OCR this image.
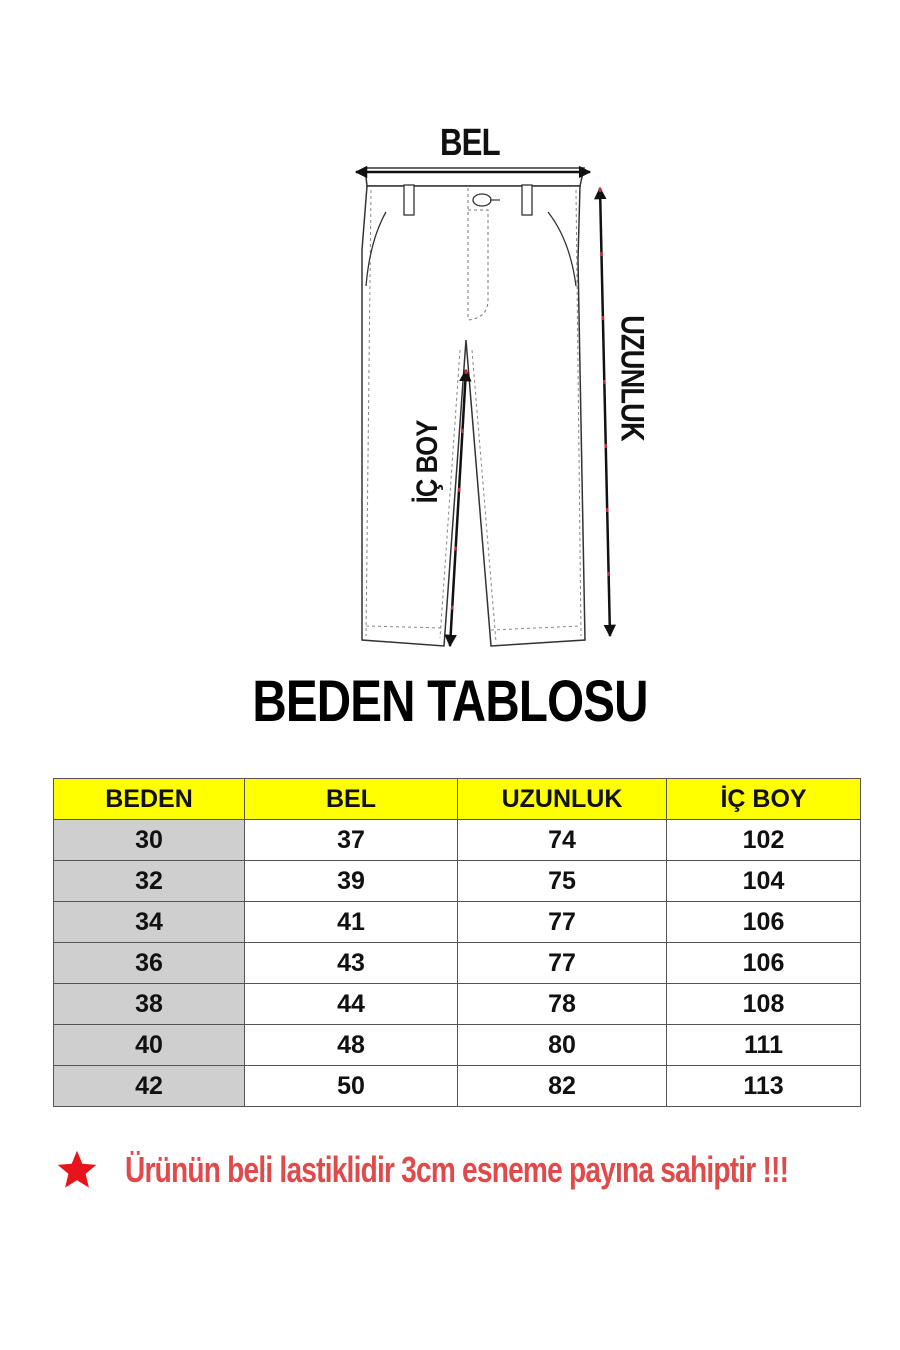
BEL
UZUNLUK
İÇ BOY
BEDEN TABLOSU
BEDEN	BEL	UZUNLUK	İÇ BOY
30	37	74	102
32	39	75	104
34	41	77	106
36	43	77	106
38	44	78	108
40	48	80	111
42	50	82	113
Ürünün beli lastiklidir 3cm esneme payına sahiptir !!!
